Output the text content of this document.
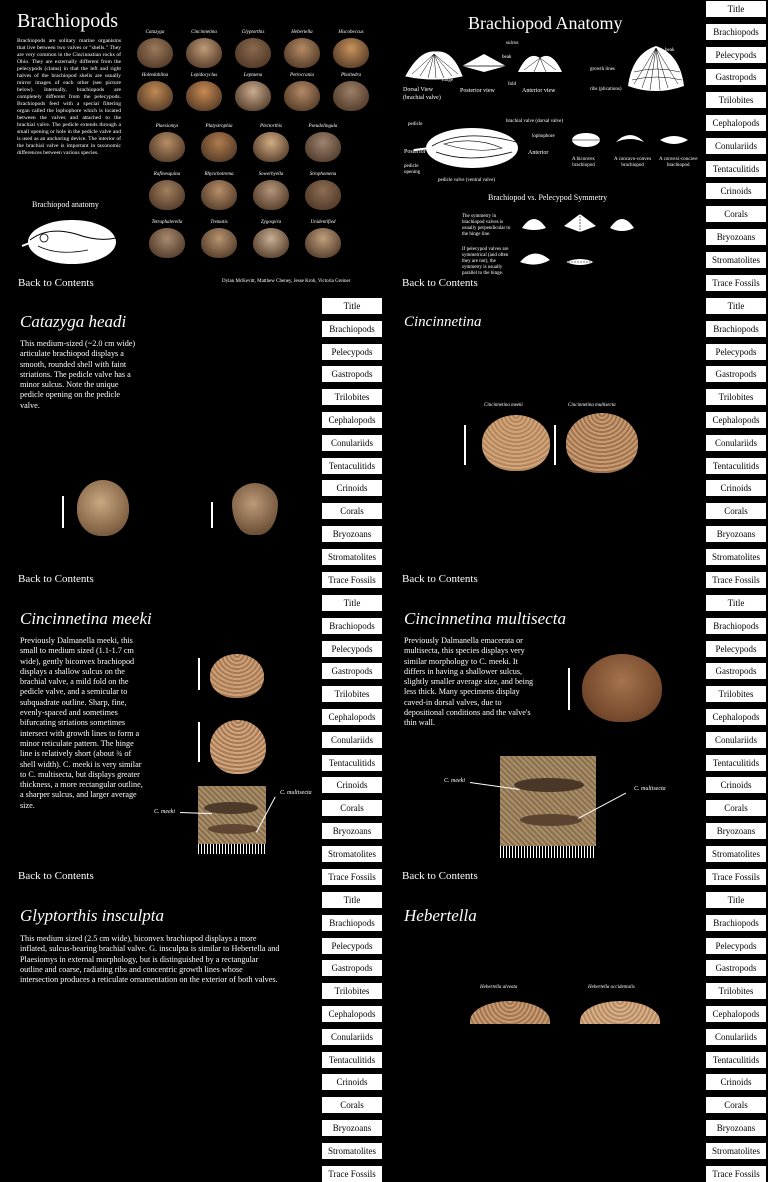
Brachiopods
Brachiopods are solitary marine organisms that live between two valves or "shells." They are very common in the Cincinnatian rocks of Ohio. They are externally different from the pelecypods (clams) in that the left and right halves of the brachiopod shells are usually mirror images of each other (see picture below). Internally, brachiopods are completely different from the pelecypods. Brachiopods feed with a special filtering organ called the lophophore which is located between the valves and attached to the brachial valve. The pedicle extends through a small opening or hole in the pedicle valve and is used as an anchoring device. The interior of the brachial valve is important in taxonomic differences between various species.
Brachiopod anatomy
Catazyga	Cincinnetina	Glyptorthis	Hebertella	Hiscobeccus
Holtedahlina	Lepidocyclus	Leptaena	Petrocrania	Pholtedra
Plaesiomys	Platystrophia	Plectorthis	Pseudolingula
Rafinesquina	Rhynchotrema	Sowerbyella	Strophomena
Tetraphalerella	Trematis	Zygospira	Unidentified
Back to Contents	Dylan McKevitt, Matthew Cheney, Jesse Kroh, Victoria Greiner
Brachiopod Anatomy
sulcus
beak
hinge
fold
beak
growth lines
ribs (plications)
Dorsal View
(brachial valve)
Posterior view	Anterior view
pedicle
brachial valve (dorsal valve)
lophophore
Posterior	Anterior
pedicle
opening
pedicle valve (ventral valve)
A biconvex
brachiopod
A concavo-convex
brachiopod
A convexi-concave
brachiopod
Brachiopod vs. Pelecypod Symmetry
The symmetry in brachiopod valves is usually perpendicular to the hinge line.
If pelecypod valves are symmetrical (and often they are not), the symmetry is usually parallel to the hinge.
Back to Contents
Catazyga headi
This medium-sized (~2.0 cm wide) articulate brachiopod displays a smooth, rounded shell with faint striations. The pedicle valve has a minor sulcus. Note the unique pedicle opening on the pedicle valve.
Back to Contents
Cincinnetina
Cincinnetina meeki	Cincinnetina multisecta
Back to Contents
Cincinnetina meeki
Previously Dalmanella meeki, this small to medium sized (1.1-1.7 cm wide), gently biconvex brachiopod displays a shallow sulcus on the brachial valve, a mild fold on the pedicle valve, and a semicular to subquadrate outline. Sharp, fine, evenly-spaced and sometimes bifurcating striations sometimes intersect with growth lines to form a minor reticulate pattern. The hinge line is relatively short (about ¾ of shell width). C. meeki is very similar to C. multisecta, but displays greater thickness, a more rectangular outline, a sharper sulcus, and larger average size.
C. meeki
C. multisecta
Back to Contents
Cincinnetina multisecta
Previously Dalmanella emacerata or multisecta, this species displays very similar morphology to C. meeki. It differs in having a shallower sulcus, slightly smaller average size, and being less thick. Many specimens display caved-in dorsal valves, due to depositional conditions and the valve's thin wall.
C. meeki
C. multisecta
Back to Contents
Glyptorthis insculpta
This medium sized (2.5 cm wide), biconvex brachiopod displays a more inflated, sulcus-bearing brachial valve. G. insculpta is similar to Hebertella and Plaesiomys in external morphology, but is distinguished by a rectangular outline and coarse, radiating ribs and concentric growth lines whose intersection produces a reticulate ornamentation on the exterior of both valves.
Hebertella
Hebertella alveata	Hebertella occidentalis
Title
Brachiopods
Pelecypods
Gastropods
Trilobites
Cephalopods
Conulariids
Tentaculitids
Crinoids
Corals
Bryozoans
Stromatolites
Trace Fossils
Title
Brachiopods
Pelecypods
Gastropods
Trilobites
Cephalopods
Conulariids
Tentaculitids
Crinoids
Corals
Bryozoans
Stromatolites
Trace Fossils
Title
Brachiopods
Pelecypods
Gastropods
Trilobites
Cephalopods
Conulariids
Tentaculitids
Crinoids
Corals
Bryozoans
Stromatolites
Trace Fossils
Title
Brachiopods
Pelecypods
Gastropods
Trilobites
Cephalopods
Conulariids
Tentaculitids
Crinoids
Corals
Bryozoans
Stromatolites
Trace Fossils
Title
Brachiopods
Pelecypods
Gastropods
Trilobites
Cephalopods
Conulariids
Tentaculitids
Crinoids
Corals
Bryozoans
Stromatolites
Trace Fossils
Title
Brachiopods
Pelecypods
Gastropods
Trilobites
Cephalopods
Conulariids
Tentaculitids
Crinoids
Corals
Bryozoans
Stromatolites
Trace Fossils
Title
Brachiopods
Pelecypods
Gastropods
Trilobites
Cephalopods
Conulariids
Tentaculitids
Crinoids
Corals
Bryozoans
Stromatolites
Trace Fossils
